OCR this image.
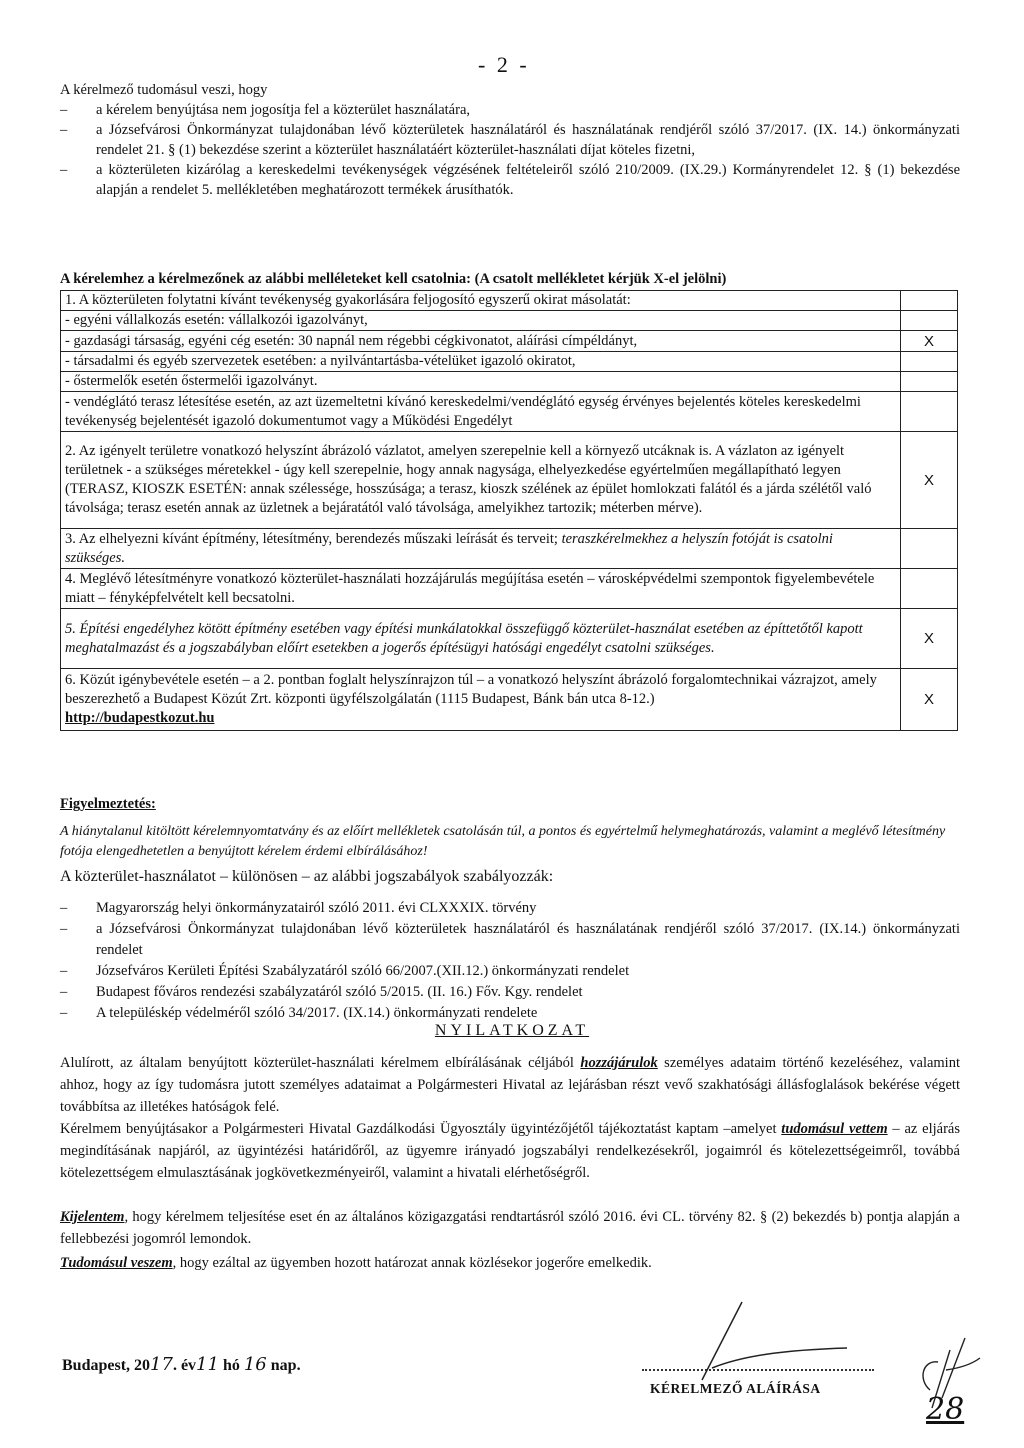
- 2 -
A kérelmező tudomásul veszi, hogy
–	a kérelem benyújtása nem jogosítja fel a közterület használatára,
–	a Józsefvárosi Önkormányzat tulajdonában lévő közterületek használatáról és használatának rendjéről szóló 37/2017. (IX. 14.) önkormányzati rendelet 21. § (1) bekezdése szerint a közterület használatáért közterület-használati díjat köteles fizetni,
–	a közterületen kizárólag a kereskedelmi tevékenységek végzésének feltételeiről szóló 210/2009. (IX.29.) Kormányrendelet 12. § (1) bekezdése alapján a rendelet 5. mellékletében meghatározott termékek árusíthatók.
A kérelemhez a kérelmezőnek az alábbi melléleteket kell csatolnia: (A csatolt mellékletet kérjük X-el jelölni)
1. A közterületen folytatni kívánt tevékenység gyakorlására feljogosító egyszerű okirat másolatát:	
- egyéni vállalkozás esetén: vállalkozói igazolványt,	
- gazdasági társaság, egyéni cég esetén: 30 napnál nem régebbi cégkivonatot, aláírási címpéldányt,	X
- társadalmi és egyéb szervezetek esetében: a nyilvántartásba-vételüket igazoló okiratot,	
- őstermelők esetén őstermelői igazolványt.	
- vendéglátó terasz létesítése esetén, az azt üzemeltetni kívánó kereskedelmi/vendéglátó egység érvényes bejelentés köteles kereskedelmi tevékenység bejelentését igazoló dokumentumot vagy a Működési Engedélyt	
2. Az igényelt területre vonatkozó helyszínt ábrázoló vázlatot, amelyen szerepelnie kell a környező utcáknak is. A vázlaton az igényelt területnek - a szükséges méretekkel - úgy kell szerepelnie, hogy annak nagysága, elhelyezkedése egyértelműen megállapítható legyen (TERASZ, KIOSZK ESETÉN: annak szélessége, hosszúsága; a terasz, kioszk szélének az épület homlokzati falától és a járda szélétől való távolsága; terasz esetén annak az üzletnek a bejáratától való távolsága, amelyikhez tartozik; méterben mérve).	X
3. Az elhelyezni kívánt építmény, létesítmény, berendezés műszaki leírását és terveit; teraszkérelmekhez a helyszín fotóját is csatolni szükséges.	
4. Meglévő létesítményre vonatkozó közterület-használati hozzájárulás megújítása esetén – városképvédelmi szempontok figyelembevétele miatt – fényképfelvételt kell becsatolni.	
5. Építési engedélyhez kötött építmény esetében vagy építési munkálatokkal összefüggő közterület-használat esetében az építtetőtől kapott meghatalmazást és a jogszabályban előírt esetekben a jogerős építésügyi hatósági engedélyt csatolni szükséges.	X
6. Közút igénybevétele esetén – a 2. pontban foglalt helyszínrajzon túl – a vonatkozó helyszínt ábrázoló forgalomtechnikai vázrajzot, amely beszerezhető a Budapest Közút Zrt. központi ügyfélszolgálatán (1115 Budapest, Bánk bán utca 8-12.)
http://budapestkozut.hu	X
Figyelmeztetés:
A hiánytalanul kitöltött kérelemnyomtatvány és az előírt mellékletek csatolásán túl, a pontos és egyértelmű helymeghatározás, valamint a meglévő létesítmény fotója elengedhetetlen a benyújtott kérelem érdemi elbírálásához!
A közterület-használatot – különösen – az alábbi jogszabályok szabályozzák:
–	Magyarország helyi önkormányzatairól szóló 2011. évi CLXXXIX. törvény
–	a Józsefvárosi Önkormányzat tulajdonában lévő közterületek használatáról és használatának rendjéről szóló 37/2017. (IX.14.) önkormányzati rendelet
–	Józsefváros Kerületi Építési Szabályzatáról szóló 66/2007.(XII.12.) önkormányzati rendelet
–	Budapest főváros rendezési szabályzatáról szóló 5/2015. (II. 16.) Főv. Kgy. rendelet
–	A településkép védelméről szóló 34/2017. (IX.14.) önkormányzati rendelete
NYILATKOZAT
Alulírott, az általam benyújtott közterület-használati kérelmem elbírálásának céljából hozzájárulok személyes adataim történő kezeléséhez, valamint ahhoz, hogy az így tudomásra jutott személyes adataimat a Polgármesteri Hivatal az lejárásban részt vevő szakhatósági állásfoglalások bekérése végett továbbítsa az illetékes hatóságok felé.
Kérelmem benyújtásakor a Polgármesteri Hivatal Gazdálkodási Ügyosztály ügyintézőjétől tájékoztatást kaptam –amelyet tudomásul vettem – az eljárás megindításának napjáról, az ügyintézési határidőről, az ügyemre irányadó jogszabályi rendelkezésekről, jogaimról és kötelezettségeimről, továbbá kötelezettségem elmulasztásának jogkövetkezményeiről, valamint a hivatali elérhetőségről.
Kijelentem, hogy kérelmem teljesítése eset én az általános közigazgatási rendtartásról szóló 2016. évi CL. törvény 82. § (2) bekezdés b) pontja alapján a fellebbezési jogomról lemondok.
Tudomásul veszem, hogy ezáltal az ügyemben hozott határozat annak közlésekor jogerőre emelkedik.
Budapest, 2017. év11 hó 16 nap.
KÉRELMEZŐ ALÁÍRÁSA
28
